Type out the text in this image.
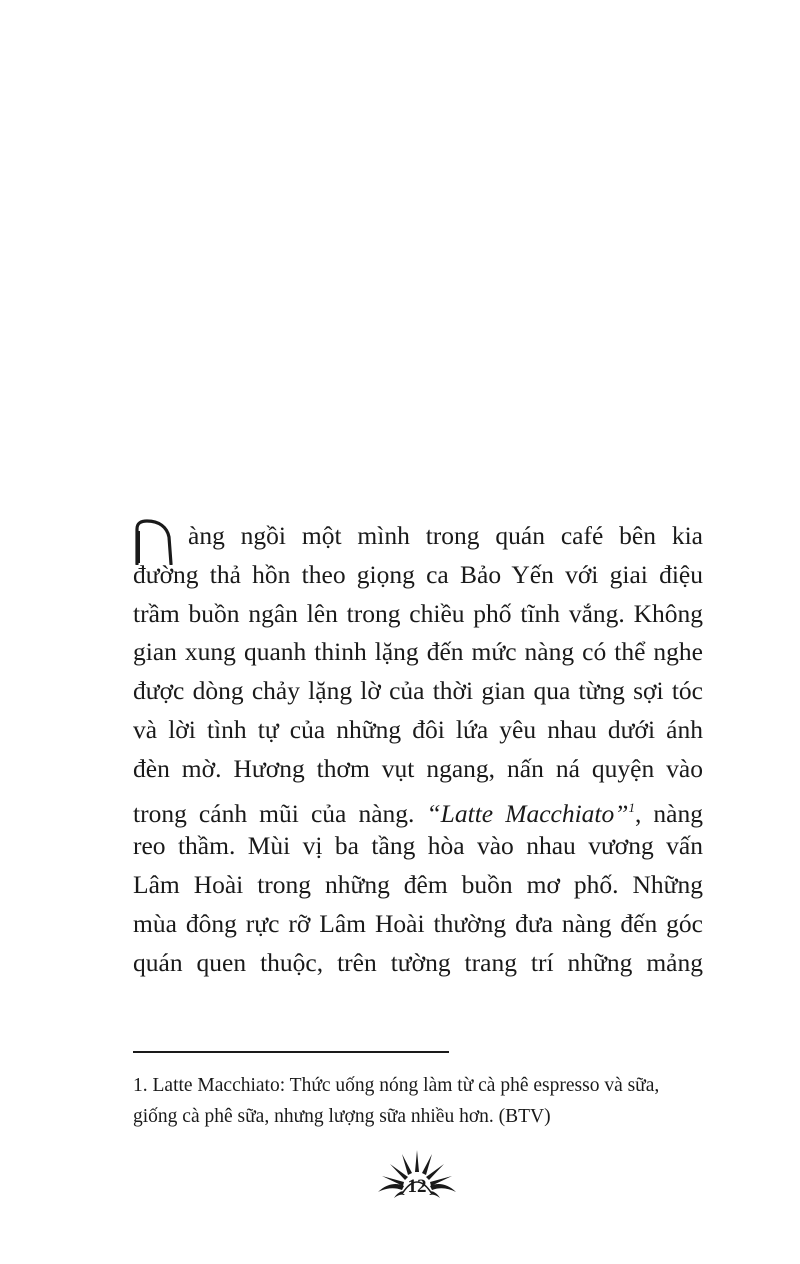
àng ngồi một mình trong quán café bên kia
đường thả hồn theo giọng ca Bảo Yến với giai điệu
trầm buồn ngân lên trong chiều phố tĩnh vắng. Không
gian xung quanh thinh lặng đến mức nàng có thể nghe
được dòng chảy lặng lờ của thời gian qua từng sợi tóc
và lời tình tự của những đôi lứa yêu nhau dưới ánh
đèn mờ. Hương thơm vụt ngang, nấn ná quyện vào
trong cánh mũi của nàng. “Latte Macchiato”$^1$, nàng
reo thầm. Mùi vị ba tầng hòa vào nhau vương vấn
Lâm Hoài trong những đêm buồn mơ phố. Những
mùa đông rực rỡ Lâm Hoài thường đưa nàng đến góc
quán quen thuộc, trên tường trang trí những mảng
1. Latte Macchiato: Thức uống nóng làm từ cà phê espresso và sữa,
giống cà phê sữa, nhưng lượng sữa nhiều hơn. (BTV)
12
